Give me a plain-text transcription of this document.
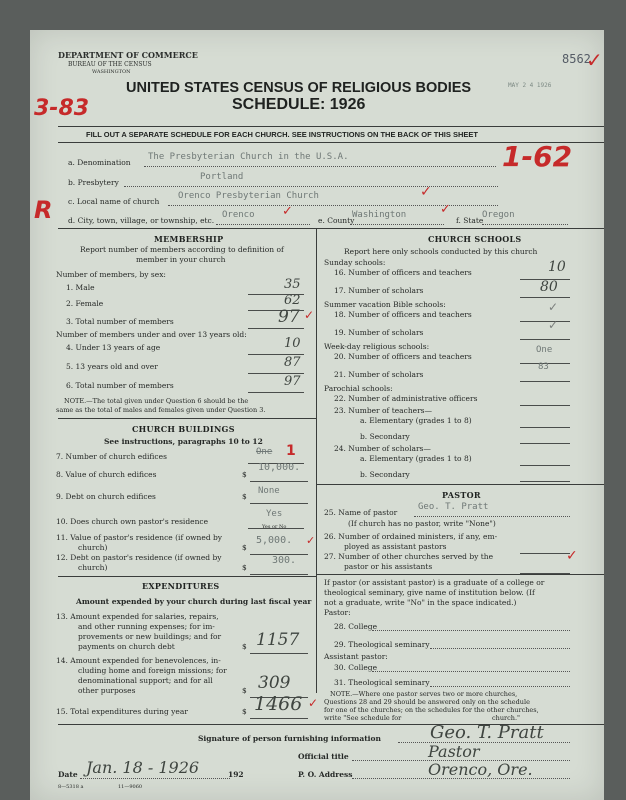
DEPARTMENT OF COMMERCE
BUREAU OF THE CENSUS
WASHINGTON
8562
MAY 2 4 1926
3-83
✓
UNITED STATES CENSUS OF RELIGIOUS BODIES
SCHEDULE: 1926
FILL OUT A SEPARATE SCHEDULE FOR EACH CHURCH. SEE INSTRUCTIONS ON THE BACK OF THIS SHEET
a. Denomination
The Presbyterian Church in the U.S.A.	1-62
b. Presbytery
Portland
c. Local name of church
Orenco Presbyterian Church	✓
R d. City, town, village, or township, etc.
Orenco ✓
e. County
Washington	✓
f. State
Oregon
MEMBERSHIP
Report number of members according to definition of
member in your church
Number of members, by sex:
1. Male	35
2. Female	62
3. Total number of members	97 ✓
Number of members under and over 13 years old:
4. Under 13 years of age	10
5. 13 years old and over	87
6. Total number of members	97
NOTE.—The total given under Question 6 should be the
same as the total of males and females given under Question 3.
CHURCH BUILDINGS
See instructions, paragraphs 10 to 12
7. Number of church edifices	One 1
8. Value of church edifices	$
10,000.
9. Debt on church edifices	$
None
10. Does church own pastor's residence
Yes
Yes or No
11. Value of pastor's residence (if owned by
church)	$
5,000. ✓
12. Debt on pastor's residence (if owned by
church)	$
300.
EXPENDITURES
Amount expended by your church during last fiscal year
13. Amount expended for salaries, repairs,
and other running expenses; for im-
provements or new buildings; and for
payments on church debt	$ 1157
14. Amount expended for benevolences, in-
cluding home and foreign missions; for
denominational support; and for all
other purposes	$ 309
15. Total expenditures during year	$ 1466 ✓
CHURCH SCHOOLS
Report here only schools conducted by this church
Sunday schools:
16. Number of officers and teachers	10
17. Number of scholars	80
Summer vacation Bible schools:
18. Number of officers and teachers
✓
19. Number of scholars
✓
Week-day religious schools:
20. Number of officers and teachers
One
21. Number of scholars
83
Parochial schools:
22. Number of administrative officers
23. Number of teachers—
a. Elementary (grades 1 to 8)
b. Secondary
24. Number of scholars—
a. Elementary (grades 1 to 8)
b. Secondary
PASTOR
25. Name of pastor
Geo. T. Pratt
(If church has no pastor, write "None")
26. Number of ordained ministers, if any, em-
ployed as assistant pastors
27. Number of other churches served by the
pastor or his assistants
✓
If pastor (or assistant pastor) is a graduate of a college or
theological seminary, give name of institution below. (If
not a graduate, write "No" in the space indicated.)
Pastor:
28. College
29. Theological seminary
Assistant pastor:
30. College
31. Theological seminary
NOTE.—Where one pastor serves two or more churches,
Questions 28 and 29 should be answered only on the schedule
for one of the churches; on the schedules for the other churches,
write "See schedule for	church."
Signature of person furnishing information	Geo. T. Pratt
Official title	Pastor
Date Jan. 18 - 1926	192	P. O. Address	Orenco, Ore.
8—5318 a	11—9060
